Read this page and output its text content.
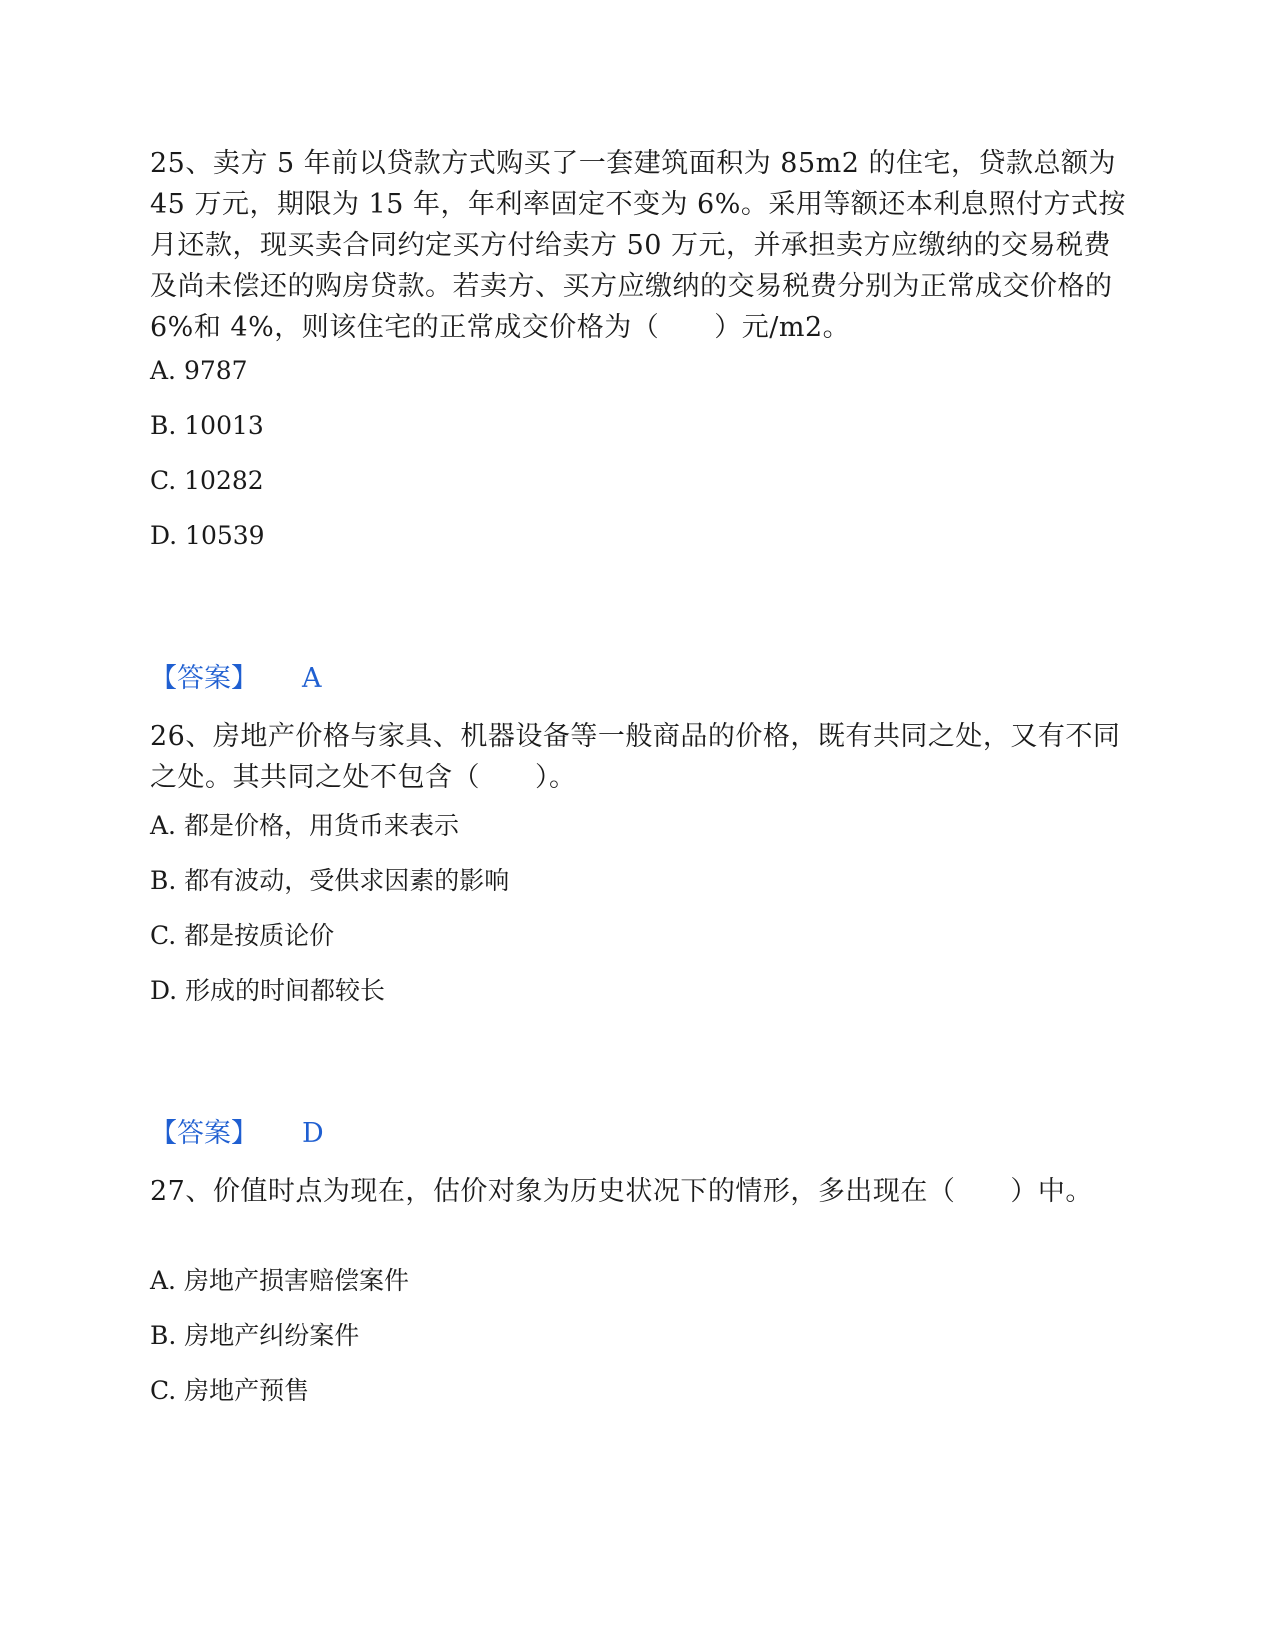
25、卖方 5 年前以贷款方式购买了一套建筑面积为 85m2 的住宅，贷款总额为 45 万元，期限为 15 年，年利率固定不变为 6%。采用等额还本利息照付方式按月还款，现买卖合同约定买方付给卖方 50 万元，并承担卖方应缴纳的交易税费及尚未偿还的购房贷款。若卖方、买方应缴纳的交易税费分别为正常成交价格的 6%和 4%，则该住宅的正常成交价格为（　　）元/m2。

A. 9787
B. 10013
C. 10282
D. 10539
【答案】 A

26、房地产价格与家具、机器设备等一般商品的价格，既有共同之处，又有不同之处。其共同之处不包含（　　）。

A. 都是价格，用货币来表示
B. 都有波动，受供求因素的影响
C. 都是按质论价
D. 形成的时间都较长
【答案】 D

27、价值时点为现在，估价对象为历史状况下的情形，多出现在（　　）中。

A. 房地产损害赔偿案件
B. 房地产纠纷案件
C. 房地产预售
